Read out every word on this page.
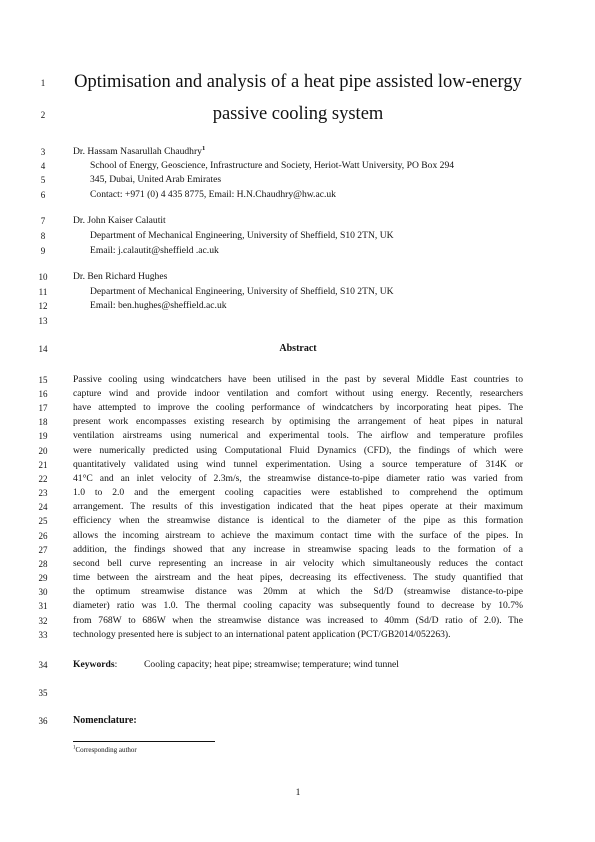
1
2
3
4
5
6
7
8
9
10
11
12
13
14
15
16
17
18
19
20
21
22
23
24
25
26
27
28
29
30
31
32
33
34
35
36
Optimisation and analysis of a heat pipe assisted low-energy
passive cooling system
Dr. Hassam Nasarullah Chaudhry$^1$
School of Energy, Geoscience, Infrastructure and Society, Heriot-Watt University, PO Box 294
345, Dubai, United Arab Emirates
Contact: +971 (0) 4 435 8775, Email: H.N.Chaudhry@hw.ac.uk
Dr. John Kaiser Calautit
Department of Mechanical Engineering, University of Sheffield, S10 2TN, UK
Email: j.calautit@sheffield .ac.uk
Dr. Ben Richard Hughes
Department of Mechanical Engineering, University of Sheffield, S10 2TN, UK
Email: ben.hughes@sheffield.ac.uk
Abstract
Passive cooling using windcatchers have been utilised in the past by several Middle East countries to
capture wind and provide indoor ventilation and comfort without using energy. Recently, researchers
have attempted to improve the cooling performance of windcatchers by incorporating heat pipes. The
present work encompasses existing research by optimising the arrangement of heat pipes in natural
ventilation airstreams using numerical and experimental tools. The airflow and temperature profiles
were numerically predicted using Computational Fluid Dynamics (CFD), the findings of which were
quantitatively validated using wind tunnel experimentation. Using a source temperature of 314K or
41°C and an inlet velocity of 2.3m/s, the streamwise distance-to-pipe diameter ratio was varied from
1.0 to 2.0 and the emergent cooling capacities were established to comprehend the optimum
arrangement. The results of this investigation indicated that the heat pipes operate at their maximum
efficiency when the streamwise distance is identical to the diameter of the pipe as this formation
allows the incoming airstream to achieve the maximum contact time with the surface of the pipes. In
addition, the findings showed that any increase in streamwise spacing leads to the formation of a
second bell curve representing an increase in air velocity which simultaneously reduces the contact
time between the airstream and the heat pipes, decreasing its effectiveness. The study quantified that
the optimum streamwise distance was 20mm at which the Sd/D (streamwise distance-to-pipe
diameter) ratio was 1.0. The thermal cooling capacity was subsequently found to decrease by 10.7%
from 768W to 686W when the streamwise distance was increased to 40mm (Sd/D ratio of 2.0). The
technology presented here is subject to an international patent application (PCT/GB2014/052263).
Keywords:	Cooling capacity; heat pipe; streamwise; temperature; wind tunnel
Nomenclature:
$^1$Corresponding author
1
